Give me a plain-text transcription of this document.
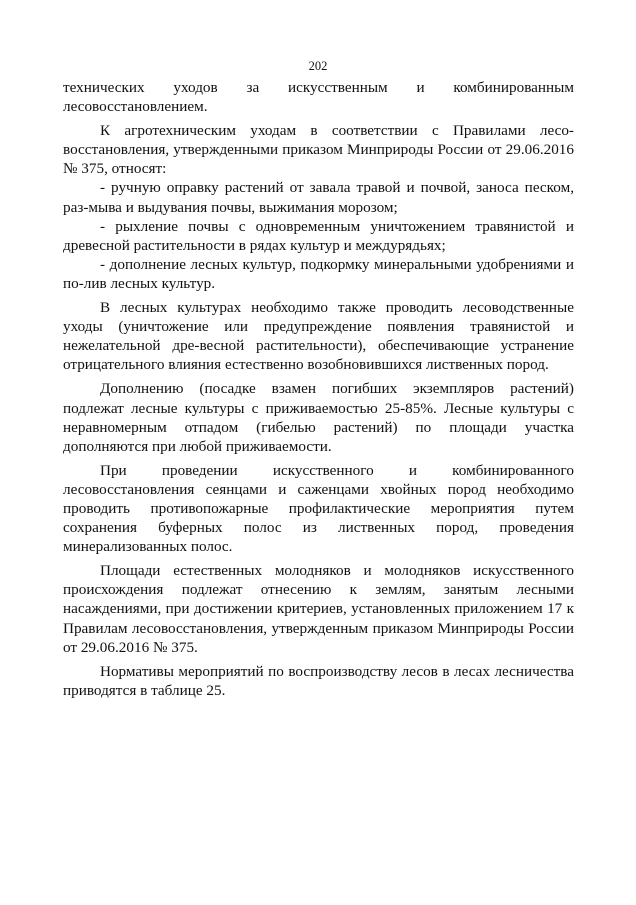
202

технических уходов за искусственным и комбинированным лесовосстановлением.

К агротехническим уходам в соответствии с Правилами лесо-восстановления, утвержденными приказом Минприроды России от 29.06.2016 № 375, относят:

- ручную оправку растений от завала травой и почвой, заноса песком, раз-мыва и выдувания почвы, выжимания морозом;

- рыхление почвы с одновременным уничтожением травянистой и древесной растительности в рядах культур и междурядьях;

- дополнение лесных культур, подкормку минеральными удобрениями и по-лив лесных культур.

В лесных культурах необходимо также проводить лесоводственные уходы (уничтожение или предупреждение появления травянистой и нежелательной дре-весной растительности), обеспечивающие устранение отрицательного влияния естественно возобновившихся лиственных пород.

Дополнению (посадке взамен погибших экземпляров растений) подлежат лесные культуры с приживаемостью 25-85%. Лесные культуры с неравномерным отпадом (гибелью растений) по площади участка дополняются при любой приживаемости.

При проведении искусственного и комбинированного лесовосстановления сеянцами и саженцами хвойных пород необходимо проводить противопожарные профилактические мероприятия путем сохранения буферных полос из лиственных пород, проведения минерализованных полос.

Площади естественных молодняков и молодняков искусственного происхождения подлежат отнесению к землям, занятым лесными насаждениями, при достижении критериев, установленных приложением 17 к Правилам лесовосстановления, утвержденным приказом Минприроды России от 29.06.2016 № 375.

Нормативы мероприятий по воспроизводству лесов в лесах лесничества приводятся в таблице 25.
